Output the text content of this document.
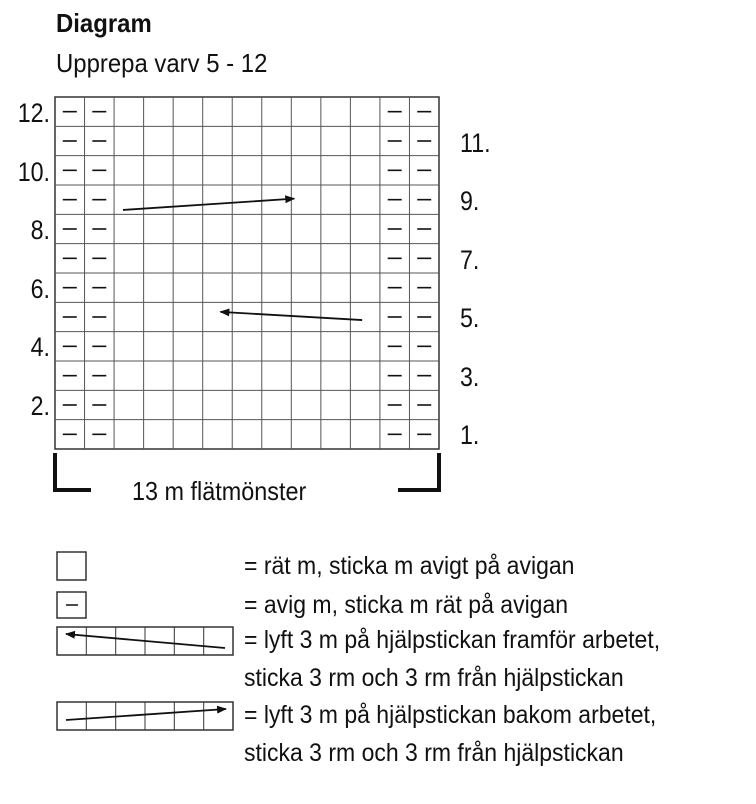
Diagram
Upprepa varv 5 - 12
12.
10.
8.
6.
4.
2.
11.
9.
7.
5.
3.
1.
13 m flätmönster
= rät m, sticka m avigt på avigan
= avig m, sticka m rät på avigan
= lyft 3 m på hjälpstickan framför arbetet,
sticka 3 rm och 3 rm från hjälpstickan
= lyft 3 m på hjälpstickan bakom arbetet,
sticka 3 rm och 3 rm från hjälpstickan
